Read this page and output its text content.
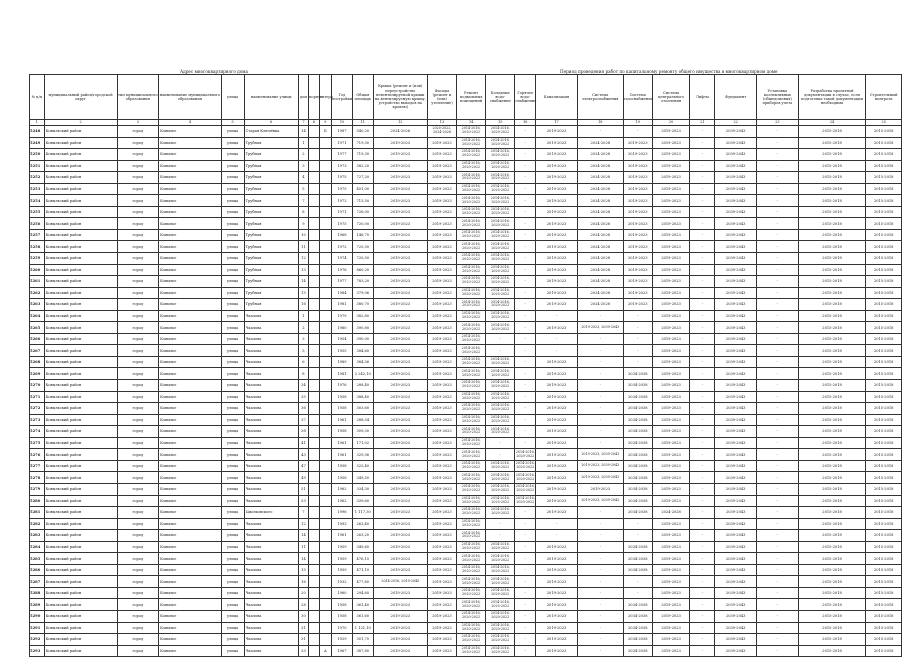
Адрес многоквартирного дома	Период проведения работ по капитальному ремонту общего имущества в многоквартирном доме
№ п/п	муниципальный район/городской округ	тип муниципального образования	наименование муниципального образования	улица	наименование улицы	дом	корпус	литера	Год постройки	Общая площадь	Крыша (ремонт и (или) переустройство невентилируемой крыши на вентилируемую крышу, устройство выходов на кровлю)	Фасады (ремонт и (или) утепление)	Ремонт подвальных помещений	Колодные водо-снабжение	Горячее водо-снабжение	Канализация	Система электроснабжения	Система газоснабжения	Система центрального отопления	Лифты	Фундамент	Установка коллективных (общедомовых) приборов учета	Разработка проектной документации в случае, если подготовка такой документации необходима	Строительный контроль
1	2	3	4	5	6	7	8	9	10	11	12	13	14	15	16	17	18	19	20	21	22	23	24	25
5248	Ковыльский район	город	Ковылье	улица	Старая Ключёвка	14		Б	1987	540,20	2024-2026	2020-2022, 2024-2026	2014-2016, 2020-2022	2014-2016, 2020-2022	-	2019-2023	-	-	2019-2023	-	2039-2043	-	2015-2018	2015-2018
5249	Ковыльский район	город	Ковылье	улица	Трубная	1			1971	719,30	2019-2023	2019-2023	2014-2016, 2020-2022	2014-2016, 2020-2022	-	2019-2023	2024-2028	2019-2023	2019-2023	-	2039-2043	-	2015-2018	2015-2018
5250	Ковыльский район	город	Ковылье	улица	Трубная	2			1977	719,30	2019-2023	2019-2023	2014-2016, 2020-2022	2014-2016, 2020-2022	-	2019-2023	2024-2028	2019-2023	2019-2023	-	2039-2043	-	2015-2018	2015-2018
5251	Ковыльский район	город	Ковылье	улица	Трубная	3			1973	382,20	2019-2023	2019-2023	2014-2016, 2020-2022	2014-2016, 2020-2022	-	2019-2023	2024-2028	2019-2023	2019-2023	-	2039-2043	-	2015-2018	2015-2018
5252	Ковыльский район	город	Ковылье	улица	Трубная	4			1975	727,20	2019-2023	2019-2023	2014-2016, 2020-2022	2014-2016, 2020-2022	-	2019-2023	2024-2028	2019-2023	2019-2023	-	2039-2043	-	2015-2018	2015-2018
5253	Ковыльский район	город	Ковылье	улица	Трубная	5			1975	401,00	2019-2023	2019-2023	2014-2016, 2020-2022	2014-2016, 2020-2022	-	2019-2023	2024-2028	2019-2023	2019-2023	-	2039-2043	-	2015-2018	2015-2018
5254	Ковыльский район	город	Ковылье	улица	Трубная	7			1972	715,50	2019-2023	2019-2023	2014-2016, 2020-2022	2014-2016, 2020-2022	-	2019-2023	2024-2028	2019-2023	2019-2023	-	2039-2043	-	2015-2018	2015-2018
5255	Ковыльский район	город	Ковылье	улица	Трубная	8			1971	726,00	2019-2023	2019-2023	2014-2016, 2020-2022	2014-2016, 2020-2022	-	2019-2023	2024-2028	2019-2023	2019-2023	-	2039-2043	-	2015-2018	2015-2018
5256	Ковыльский район	город	Ковылье	улица	Трубная	9			1975	720,00	2019-2023	2019-2023	2014-2016, 2020-2022	2014-2016, 2020-2022	-	2019-2023	2024-2028	2019-2023	2019-2023	-	2039-2043	-	2015-2018	2015-2018
5257	Ковыльский район	город	Ковылье	улица	Трубная	10			1968	146,70	2019-2023	2019-2023	2014-2016, 2020-2022	2014-2016, 2020-2022	-	2019-2023	2024-2028	2019-2023	2019-2023	-	2039-2043	-	2015-2018	2015-2018
5258	Ковыльский район	город	Ковылье	улица	Трубная	11			1972	725,50	2019-2023	2019-2023	2014-2016, 2020-2022	2014-2016, 2020-2022	-	2019-2023	2024-2028	2019-2023	2019-2023	-	2039-2043	-	2015-2018	2015-2018
5259	Ковыльский район	город	Ковылье	улица	Трубная	12			1974	720,50	2019-2023	2019-2023	2014-2016, 2020-2022	2014-2016, 2020-2022	-	2019-2023	2024-2028	2019-2023	2019-2023	-	2039-2043	-	2015-2018	2015-2018
5260	Ковыльский район	город	Ковылье	улица	Трубная	13			1976	860,20	2019-2023	2019-2023	2014-2016, 2020-2022	2014-2016, 2020-2022	-	2019-2023	2024-2028	2019-2023	2019-2023	-	2039-2043	-	2015-2018	2015-2018
5261	Ковыльский район	город	Ковылье	улица	Трубная	14			1977	783,20	2019-2023	2019-2023	2014-2016, 2020-2022	2014-2016, 2020-2022	-	2019-2023	2024-2028	2019-2023	2019-2023	-	2039-2043	-	2015-2018	2015-2018
5262	Ковыльский район	город	Ковылье	улица	Трубная	15			1984	379,06	2019-2023	2019-2023	2014-2016, 2020-2022	2014-2016, 2020-2022	-	2019-2023	2024-2028	2019-2023	2019-2023	-	2039-2043	-	2015-2018	2015-2018
5263	Ковыльский район	город	Ковылье	улица	Трубная	16			1981	380,70	2019-2023	2019-2023	2014-2016, 2020-2022	2014-2016, 2020-2022	-	2019-2023	2024-2028	2019-2023	2019-2023	-	2039-2043	-	2015-2018	2015-2018
5264	Ковыльский район	город	Ковылье	улица	Чкалова	1			1979	382,80	2019-2023	2019-2023	2014-2016, 2020-2022	2014-2016, 2020-2022	-	-	-	-	2019-2023	-	2039-2043	-	2015-2018	2015-2018
5265	Ковыльский район	город	Ковылье	улица	Чкалова	2			1960	390,80	2019-2023	2019-2023	2014-2016, 2020-2022	2014-2016, 2020-2022	-	2019-2023	2019-2023, 2039-2043	-	2019-2023	-	2039-2043	-	2015-2018	2015-2018
5266	Ковыльский район	город	Ковылье	улица	Чкалова	3			1954	390,00	2019-2023	2019-2023	2014-2016, 2020-2022	-	-	-	-	-	2019-2023	-	2039-2043	-	2015-2018	2015-2018
5267	Ковыльский район	город	Ковылье	улица	Чкалова	5			1955	384,60	2019-2023	2019-2023	2014-2016, 2020-2022	-	-	-	-	-	2019-2023	-	2039-2043	-	2015-2018	2015-2018
5268	Ковыльский район	город	Ковылье	улица	Чкалова	6			1989	384,56	2019-2023	2019-2023	2014-2016, 2020-2022	2014-2016, 2020-2022	-	2019-2023	-	-	2019-2023	-	2039-2043	-	2015-2018	2015-2018
5269	Ковыльский район	город	Ковылье	улица	Чкалова	8			1981	2 242,10	2019-2023	2019-2023	2014-2016, 2020-2022	2014-2016, 2020-2022	-	2019-2023	-	2034-2038	2019-2023	-	2039-2043	-	2015-2018	2015-2018
5270	Ковыльский район	город	Ковылье	улица	Чкалова	34			1976	288,40	2019-2023	2019-2023	2014-2016, 2020-2022	2014-2016, 2020-2022	-	2019-2023	-	2034-2038	2019-2023	-	2039-2043	-	2015-2018	2015-2018
5271	Ковыльский район	город	Ковылье	улица	Чкалова	35			1958	388,40	2019-2023	2019-2023	2014-2016, 2020-2022	2014-2016, 2020-2022	-	2019-2023	-	2034-2038	2019-2023	-	2039-2043	-	2015-2018	2015-2018
5272	Ковыльский район	город	Ковылье	улица	Чкалова	36			1958	303,60	2019-2023	2019-2023	2014-2016, 2020-2022	2014-2016, 2020-2022	-	2019-2023	-	2034-2038	2019-2023	-	2039-2043	-	2015-2018	2015-2018
5273	Ковыльский район	город	Ковылье	улица	Чкалова	37			1961	288,54	2019-2023	2019-2023	2014-2016, 2020-2022	2014-2016, 2020-2022	-	2019-2023	-	2034-2038	2019-2023	-	2039-2043	-	2015-2018	2015-2018
5274	Ковыльский район	город	Ковылье	улица	Чкалова	38			1958	309,30	2019-2023	2019-2023	2014-2016, 2020-2022	2014-2016, 2020-2022	-	2019-2023	-	2034-2038	2019-2023	-	2039-2043	-	2015-2018	2015-2018
5275	Ковыльский район	город	Ковылье	улица	Чкалова	41			1961	171,02	2019-2023	2019-2023	2014-2016, 2020-2022	-	-	2019-2023	-	2034-2038	2019-2023	-	2039-2043	-	2015-2018	2015-2018
5276	Ковыльский район	город	Ковылье	улица	Чкалова	43			1961	329,56	2019-2023	2019-2023	2014-2016, 2020-2022	-	2014-2016, 2020-2022	2019-2023	2019-2023, 2039-2043	2034-2038	2019-2023	-	2039-2043	-	2015-2018	2015-2018
5277	Ковыльский район	город	Ковылье	улица	Чкалова	47			1958	325,40	2019-2023	2019-2023	2014-2016, 2020-2022	2014-2016, 2020-2022	2014-2016, 2020-2022	2019-2023	2019-2023, 2039-2043	2034-2038	2019-2023	-	2039-2043	-	2015-2018	2015-2018
5278	Ковыльский район	город	Ковылье	улица	Чкалова	49			1958	349,50	2019-2023	2019-2023	2014-2016, 2020-2022	2014-2016, 2020-2022	2014-2016, 2020-2022	2019-2023	2019-2023, 2039-2043	2034-2038	2019-2023	-	2039-2043	-	2015-2018	2015-2018
5279	Ковыльский район	город	Ковылье	улица	Чкалова	51			1962	334,30	2019-2023	2019-2023	2014-2016, 2020-2022	2014-2016, 2020-2022	2014-2016, 2020-2022	2019-2023	2019-2023	2034-2038	2019-2023	-	2039-2043	-	2015-2018	2015-2018
5280	Ковыльский район	город	Ковылье	улица	Чкалова	53			1962	339,60	2019-2023	2019-2023	2014-2016, 2020-2022	2014-2016, 2020-2022	2014-2016, 2020-2022	2019-2023	2019-2023, 2039-2043	2034-2038	2019-2023	-	2039-2043	-	2015-2018	2015-2018
5281	Ковыльский район	город	Ковылье	улица	Циолковского	7			1996	1 117,30	2019-2023	2019-2023	2014-2016, 2020-2022	2014-2016, 2020-2022	-	2019-2023	-	2034-2038	2024-2028	-	2039-2043	-	2015-2018	2015-2018
5282	Ковыльский район	город	Ковылье	улица	Чкалова	12			1993	263,40	2019-2023	2019-2023	2014-2016, 2020-2022	-	-	-	-	-	2019-2023	-	2039-2043	-	2015-2018	2015-2018
5283	Ковыльский район	город	Ковылье	улица	Чкалова	14			1961	263,20	2019-2023	2019-2023	2014-2016, 2020-2022	-	-	-	-	-	2019-2023	-	2039-2043	-	2015-2018	2015-2018
5284	Ковыльский район	город	Ковылье	улица	Чкалова	11			1959	349,60	2019-2023	2019-2023	2014-2016, 2020-2022	2014-2016, 2020-2022	-	2019-2023	-	2034-2038	2019-2023	-	2039-2043	-	2015-2018	2015-2018
5285	Ковыльский район	город	Ковылье	улица	Чкалова	14			1959	476,15	2019-2023	2019-2023	2014-2016, 2020-2022	2014-2016, 2020-2022	-	2019-2023	-	2034-2038	2019-2023	-	2039-2043	-	2015-2018	2015-2018
5286	Ковыльский район	город	Ковылье	улица	Чкалова	15			1959	471,10	2019-2023	2019-2023	2014-2016, 2020-2022	2014-2016, 2020-2022	-	2019-2023	-	2034-2038	2019-2023	-	2039-2043	-	2015-2018	2015-2018
5287	Ковыльский район	город	Ковылье	улица	Чкалова	16			1932	477,60	2014-2016, 2019-2040	2019-2023	2014-2016, 2020-2022	2014-2016, 2020-2022	-	2019-2023	-	-	2019-2023	-	2039-2043	-	2015-2018	2015-2018
5288	Ковыльский район	город	Ковылье	улица	Чкалова	20			1960	294,60	2019-2023	2019-2023	2014-2016, 2020-2022	2014-2016, 2020-2022	-	2019-2023	-	-	2019-2023	-	2039-2043	-	2015-2018	2015-2018
5289	Ковыльский район	город	Ковылье	улица	Чкалова	28			1958	361,40	2019-2023	2019-2023	2014-2016, 2020-2022	2014-2016, 2020-2022	-	2019-2023	-	2034-2038	2019-2023	-	2039-2043	-	2015-2018	2015-2018
5290	Ковыльский район	город	Ковылье	улица	Чкалова	30			1958	361,60	2019-2023	2019-2023	2014-2016, 2020-2022	2014-2016, 2020-2022	-	2019-2023	-	2034-2038	2019-2023	-	2039-2043	-	2015-2018	2015-2018
5291	Ковыльский район	город	Ковылье	улица	Чкалова	31			1970	1 121,10	2019-2023	2019-2023	2014-2016, 2020-2022	2014-2016, 2020-2022	-	2019-2023	-	2034-2038	2019-2023	-	2039-2043	-	2015-2018	2015-2018
5292	Ковыльский район	город	Ковылье	улица	Чкалова	31			1929	301,70	2019-2023	2019-2023	2014-2016, 2020-2022	2014-2016, 2020-2022	-	2019-2023	-	2034-2038	2019-2023	-	2039-2043	-	2015-2018	2015-2018
5293	Ковыльский район	город	Ковылье	улица	Чкалова	33		А	1967	387,80	2019-2023	2019-2023	2014-2016, 2020-2022	2014-2016, 2020-2022	-	2019-2023	-	2034-2038	2019-2023	-	2039-2043	-	2015-2018	2015-2018
